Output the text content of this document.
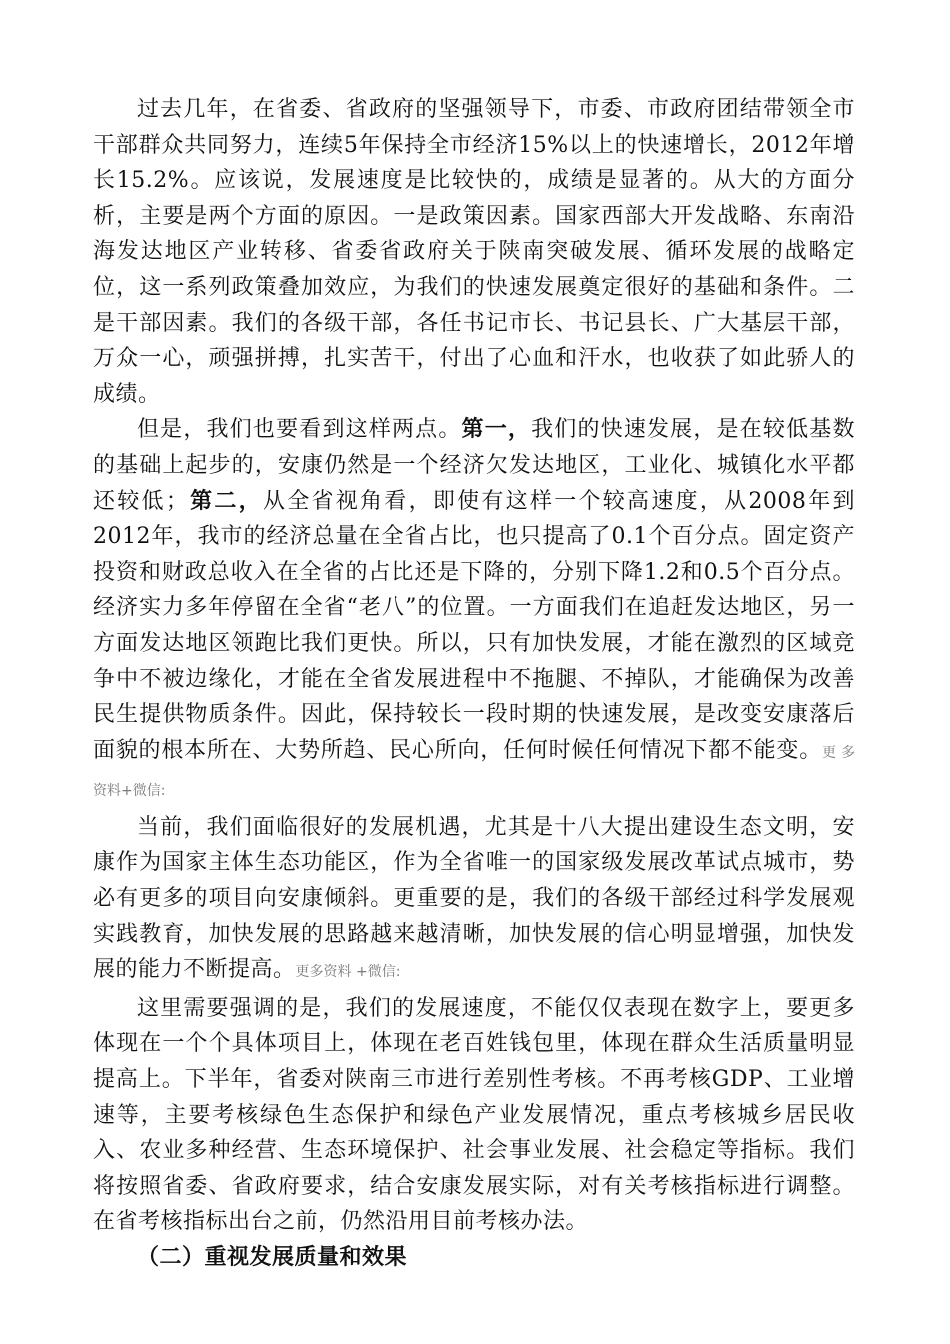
过去几年，在省委、省政府的坚强领导下，市委、市政府团结带领全市干部群众共同努力，连续5年保持全市经济15%以上的快速增长，2012年增长15.2%。应该说，发展速度是比较快的，成绩是显著的。从大的方面分析，主要是两个方面的原因。一是政策因素。国家西部大开发战略、东南沿海发达地区产业转移、省委省政府关于陕南突破发展、循环发展的战略定位，这一系列政策叠加效应，为我们的快速发展奠定很好的基础和条件。二是干部因素。我们的各级干部，各任书记市长、书记县长、广大基层干部，万众一心，顽强拼搏，扎实苦干，付出了心血和汗水，也收获了如此骄人的成绩。

但是，我们也要看到这样两点。第一，我们的快速发展，是在较低基数的基础上起步的，安康仍然是一个经济欠发达地区，工业化、城镇化水平都还较低；第二，从全省视角看，即使有这样一个较高速度，从2008年到2012年，我市的经济总量在全省占比，也只提高了0.1个百分点。固定资产投资和财政总收入在全省的占比还是下降的，分别下降1.2和0.5个百分点。经济实力多年停留在全省“老八”的位置。一方面我们在追赶发达地区，另一方面发达地区领跑比我们更快。所以，只有加快发展，才能在激烈的区域竞争中不被边缘化，才能在全省发展进程中不拖腿、不掉队，才能确保为改善民生提供物质条件。因此，保持较长一段时期的快速发展，是改变安康落后面貌的根本所在、大势所趋、民心所向，任何时候任何情况下都不能变。更 多资料+微信:

当前，我们面临很好的发展机遇，尤其是十八大提出建设生态文明，安康作为国家主体生态功能区，作为全省唯一的国家级发展改革试点城市，势必有更多的项目向安康倾斜。更重要的是，我们的各级干部经过科学发展观实践教育，加快发展的思路越来越清晰，加快发展的信心明显增强，加快发展的能力不断提高。更多资料 +微信:

这里需要强调的是，我们的发展速度，不能仅仅表现在数字上，要更多体现在一个个具体项目上，体现在老百姓钱包里，体现在群众生活质量明显提高上。下半年，省委对陕南三市进行差别性考核。不再考核GDP、工业增速等，主要考核绿色生态保护和绿色产业发展情况，重点考核城乡居民收入、农业多种经营、生态环境保护、社会事业发展、社会稳定等指标。我们将按照省委、省政府要求，结合安康发展实际，对有关考核指标进行调整。在省考核指标出台之前，仍然沿用目前考核办法。

（二）重视发展质量和效果
